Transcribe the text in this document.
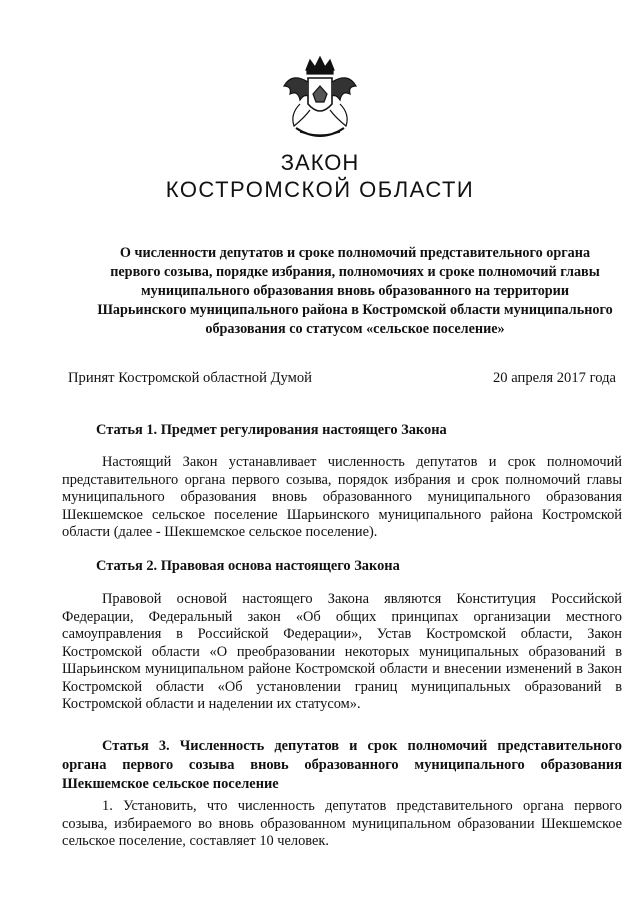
ЗАКОН
КОСТРОМСКОЙ ОБЛАСТИ
О численности депутатов и сроке полномочий представительного органа первого созыва, порядке избрания, полномочиях и сроке полномочий главы муниципального образования вновь образованного на территории Шарьинского муниципального района в Костромской области муниципального образования со статусом «сельское поселение»
Принят Костромской областной Думой	20 апреля 2017 года
Статья 1. Предмет регулирования настоящего Закона
Настоящий Закон устанавливает численность депутатов и срок полномочий представительного органа первого созыва, порядок избрания и срок полномочий главы муниципального образования вновь образованного муниципального образования Шекшемское сельское поселение Шарьинского муниципального района Костромской области (далее - Шекшемское сельское поселение).
Статья 2. Правовая основа настоящего Закона
Правовой основой настоящего Закона являются Конституция Российской Федерации, Федеральный закон «Об общих принципах организации местного самоуправления в Российской Федерации», Устав Костромской области, Закон Костромской области «О преобразовании некоторых муниципальных образований в Шарьинском муниципальном районе Костромской области и внесении изменений в Закон Костромской области «Об установлении границ муниципальных образований в Костромской области и наделении их статусом».
Статья 3. Численность депутатов и срок полномочий представительного органа первого созыва вновь образованного муниципального образования Шекшемское сельское поселение
1. Установить, что численность депутатов представительного органа первого созыва, избираемого во вновь образованном муниципальном образовании Шекшемское сельское поселение, составляет 10 человек.
